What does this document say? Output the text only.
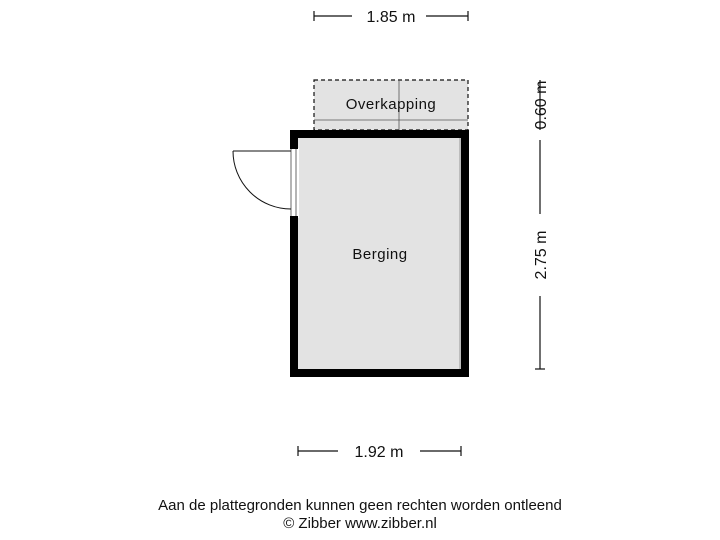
1.85 m
Overkapping
Berging
0.60 m
2.75 m
1.92 m
Aan de plattegronden kunnen geen rechten worden ontleend
© Zibber www.zibber.nl
